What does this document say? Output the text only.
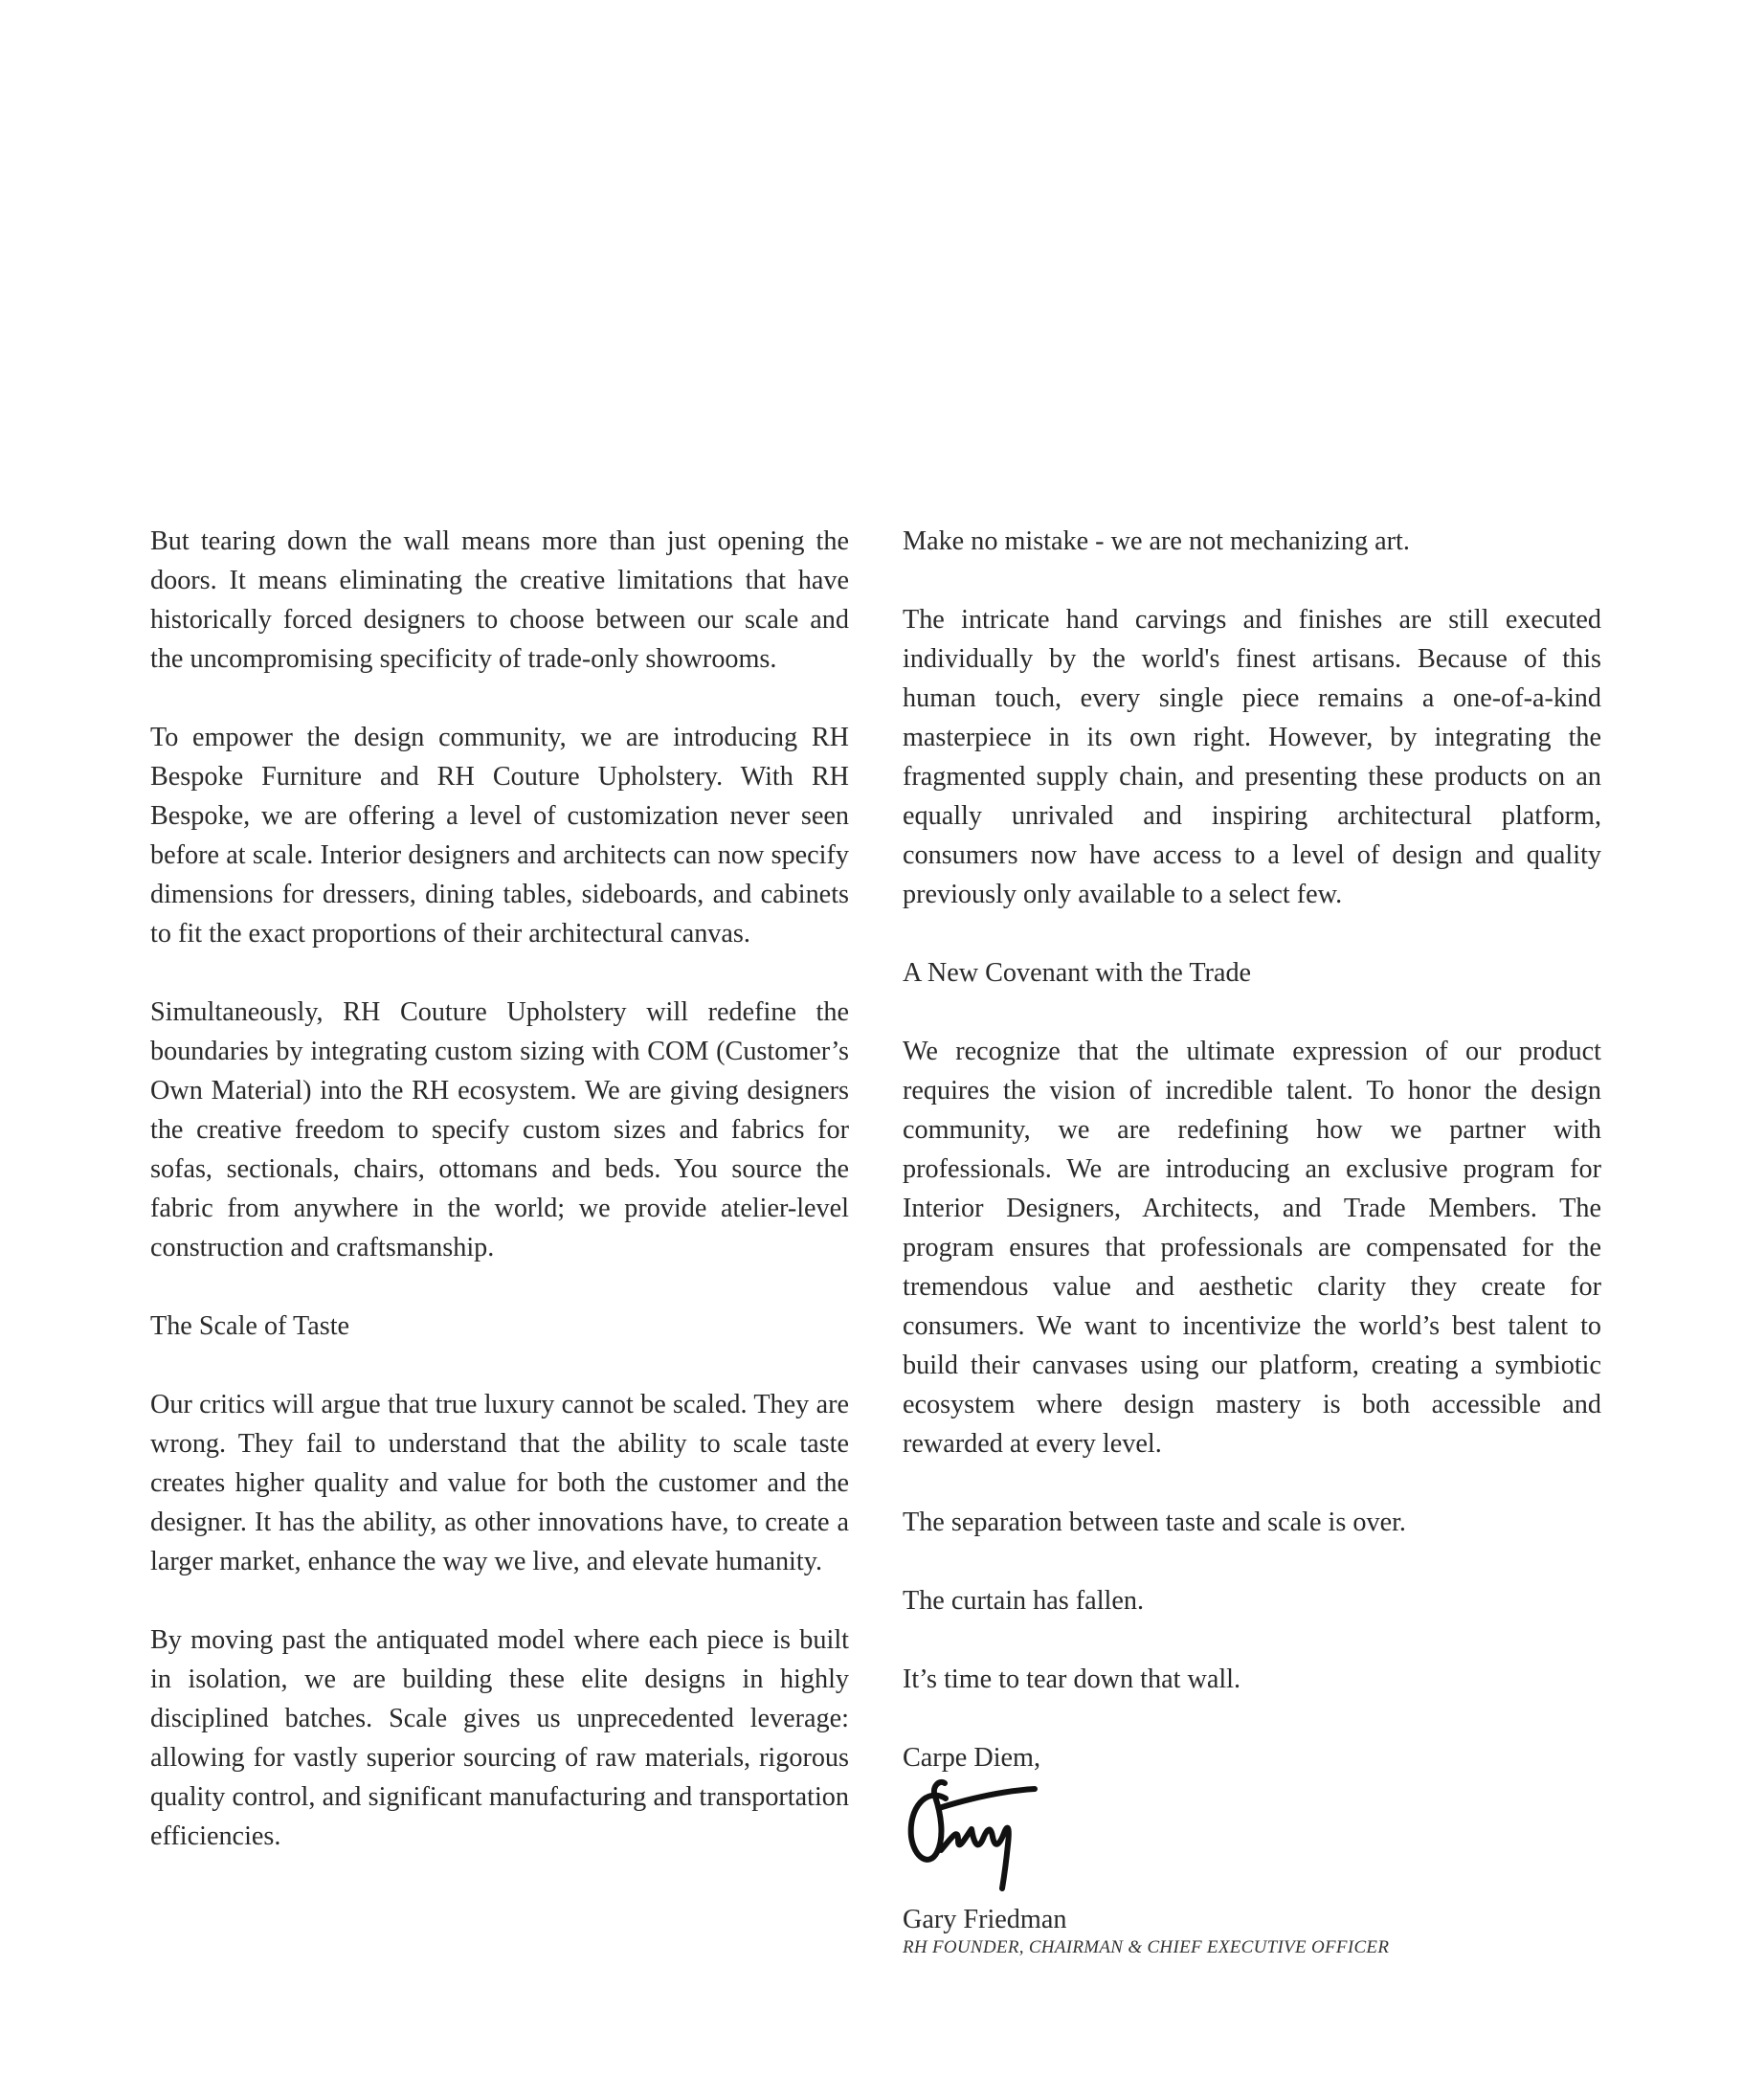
But tearing down the wall means more than just opening the doors. It means eliminating the creative limitations that have historically forced designers to choose between our scale and the uncompromising specificity of trade-only showrooms.

To empower the design community, we are introducing RH Bespoke Furniture and RH Couture Upholstery. With RH Bespoke, we are offering a level of customization never seen before at scale. Interior designers and architects can now specify dimensions for dressers, dining tables, sideboards, and cabinets to fit the exact proportions of their architectural canvas.

Simultaneously, RH Couture Upholstery will redefine the boundaries by integrating custom sizing with COM (Customer’s Own Material) into the RH ecosystem. We are giving designers the creative freedom to specify custom sizes and fabrics for sofas, sectionals, chairs, ottomans and beds. You source the fabric from anywhere in the world; we provide atelier-level construction and craftsmanship.

The Scale of Taste

Our critics will argue that true luxury cannot be scaled. They are wrong. They fail to understand that the ability to scale taste creates higher quality and value for both the customer and the designer. It has the ability, as other innovations have, to create a larger market, enhance the way we live, and elevate humanity.

By moving past the antiquated model where each piece is built in isolation, we are building these elite designs in highly disciplined batches. Scale gives us unprecedented leverage: allowing for vastly superior sourcing of raw materials, rigorous quality control, and significant manufacturing and transportation efficiencies.

Make no mistake - we are not mechanizing art.

The intricate hand carvings and finishes are still executed individually by the world's finest artisans. Because of this human touch, every single piece remains a one-of-a-kind masterpiece in its own right. However, by integrating the fragmented supply chain, and presenting these products on an equally unrivaled and inspiring architectural platform, consumers now have access to a level of design and quality previously only available to a select few.

A New Covenant with the Trade

We recognize that the ultimate expression of our product requires the vision of incredible talent. To honor the design community, we are redefining how we partner with professionals. We are introducing an exclusive program for Interior Designers, Architects, and Trade Members. The program ensures that professionals are compensated for the tremendous value and aesthetic clarity they create for consumers. We want to incentivize the world’s best talent to build their canvases using our platform, creating a symbiotic ecosystem where design mastery is both accessible and rewarded at every level.

The separation between taste and scale is over.

The curtain has fallen.

It’s time to tear down that wall.

Carpe Diem,

Gary Friedman

RH FOUNDER, CHAIRMAN & CHIEF EXECUTIVE OFFICER
